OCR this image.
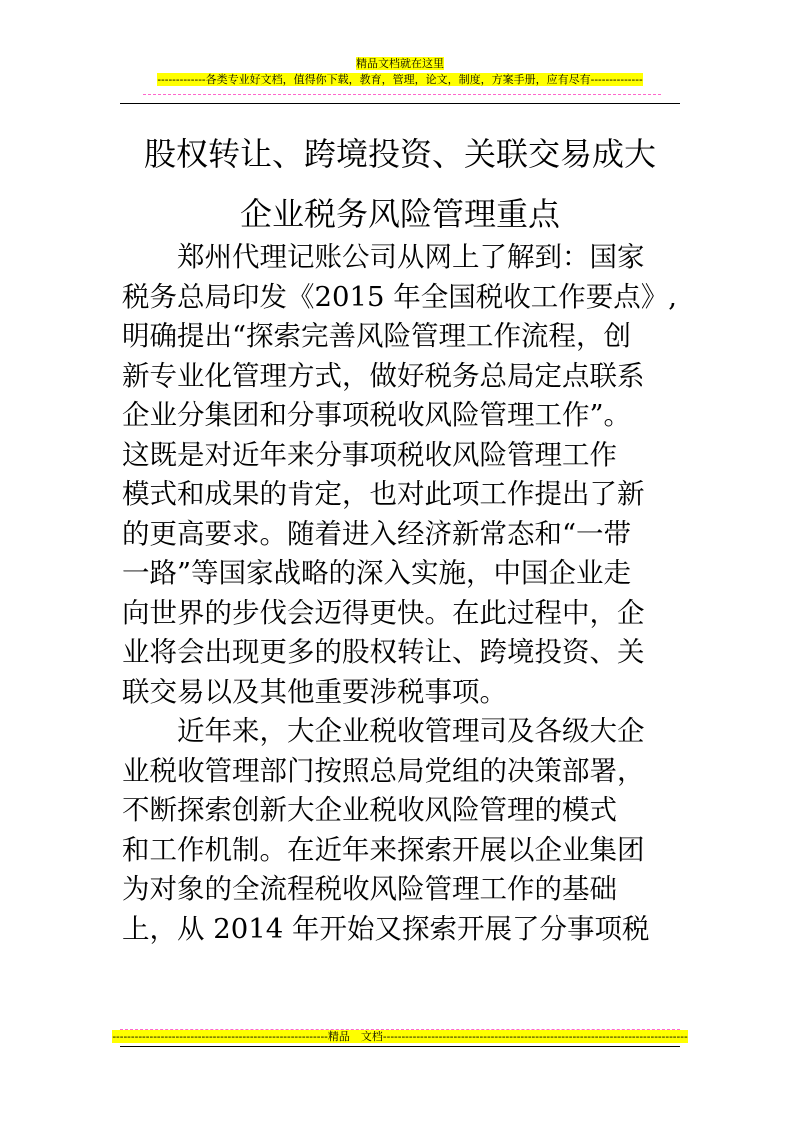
精品文档就在这里
-------------各类专业好文档，值得你下载，教育，管理，论文，制度，方案手册，应有尽有--------------
股权转让、跨境投资、关联交易成大
企业税务风险管理重点
　　郑州代理记账公司从网上了解到：国家
税务总局印发《2015 年全国税收工作要点》,
明确提出“探索完善风险管理工作流程，创
新专业化管理方式，做好税务总局定点联系
企业分集团和分事项税收风险管理工作”。
这既是对近年来分事项税收风险管理工作
模式和成果的肯定，也对此项工作提出了新
的更高要求。随着进入经济新常态和“一带
一路”等国家战略的深入实施，中国企业走
向世界的步伐会迈得更快。在此过程中，企
业将会出现更多的股权转让、跨境投资、关
联交易以及其他重要涉税事项。
　　近年来，大企业税收管理司及各级大企
业税收管理部门按照总局党组的决策部署，
不断探索创新大企业税收风险管理的模式
和工作机制。在近年来探索开展以企业集团
为对象的全流程税收风险管理工作的基础
上，从 2014 年开始又探索开展了分事项税
----------------------------------------------------------精品　文档----------------------------------------------------------------------------------
